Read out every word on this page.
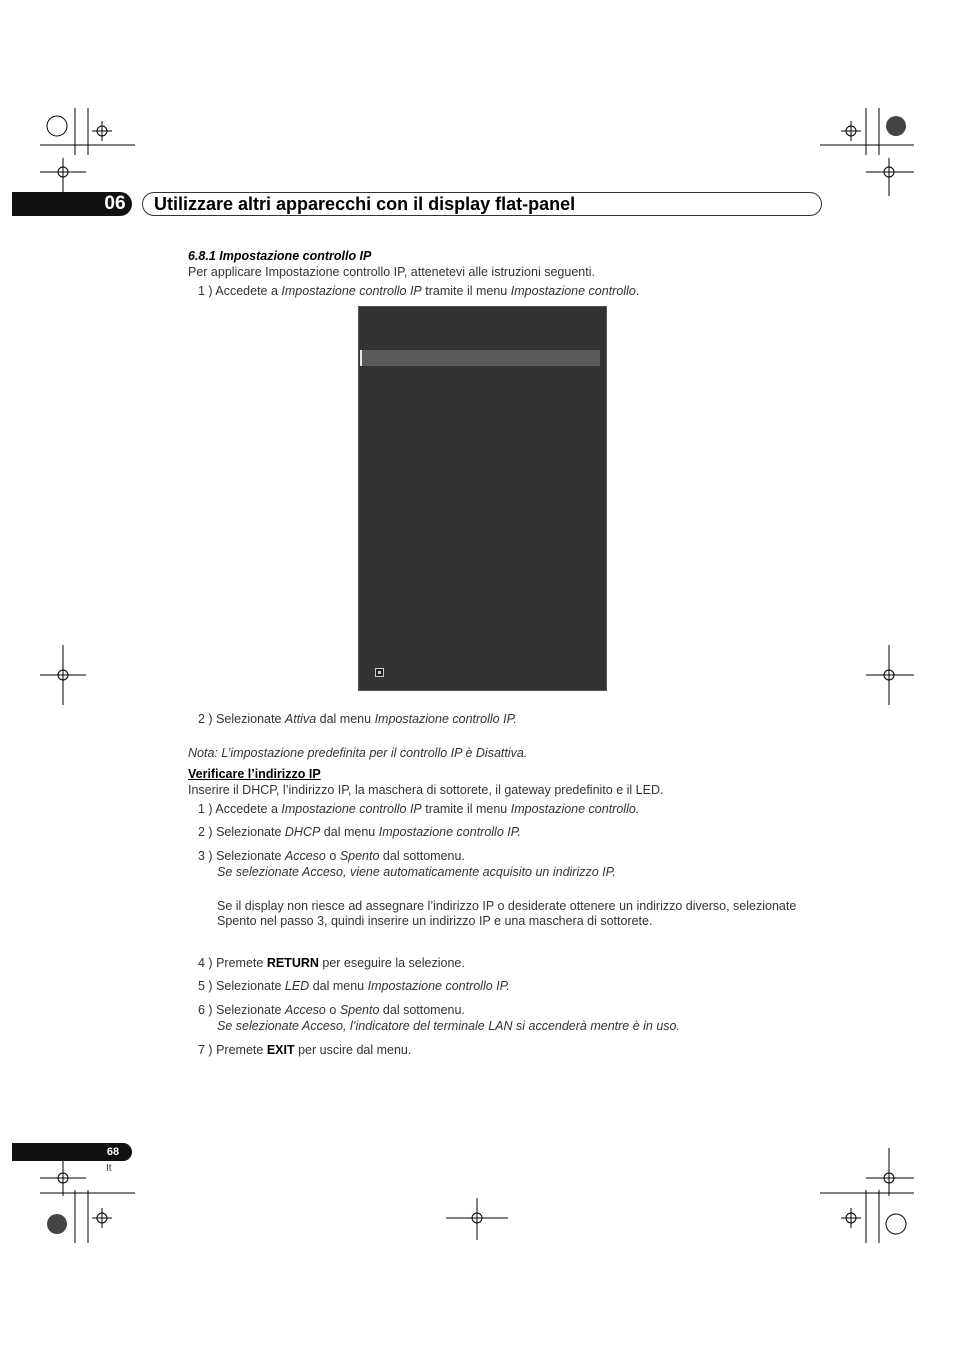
06 Utilizzare altri apparecchi con il display flat-panel
6.8.1 Impostazione controllo IP
Per applicare Impostazione controllo IP, attenetevi alle istruzioni seguenti.
1 ) Accedete a Impostazione controllo IP tramite il menu Impostazione controllo.
2 ) Selezionate Attiva dal menu Impostazione controllo IP.
Nota: L’impostazione predefinita per il controllo IP è Disattiva.
Verificare l’indirizzo IP
Inserire il DHCP, l’indirizzo IP, la maschera di sottorete, il gateway predefinito e il LED.
1 ) Accedete a Impostazione controllo IP tramite il menu Impostazione controllo.
2 ) Selezionate DHCP dal menu Impostazione controllo IP.
3 ) Selezionate Acceso o Spento dal sottomenu.
Se selezionate Acceso, viene automaticamente acquisito un indirizzo IP.
Se il display non riesce ad assegnare l’indirizzo IP o desiderate ottenere un indirizzo diverso, selezionate
Spento nel passo 3, quindi inserire un indirizzo IP e una maschera di sottorete.
4 ) Premete RETURN per eseguire la selezione.
5 ) Selezionate LED dal menu Impostazione controllo IP.
6 ) Selezionate Acceso o Spento dal sottomenu.
Se selezionate Acceso, l’indicatore del terminale LAN si accenderà mentre è in uso.
7 ) Premete EXIT per uscire dal menu.
68
It
